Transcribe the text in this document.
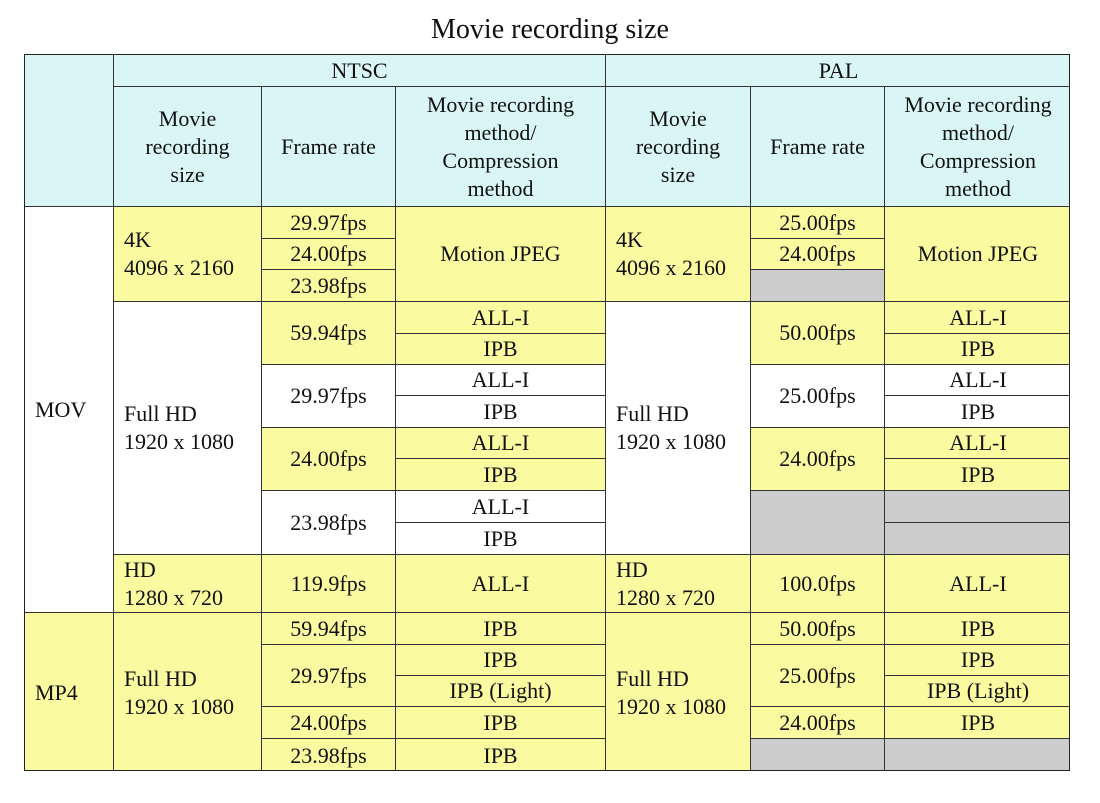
Movie recording size
NTSC	PAL
Movie
recording
size
Frame rate
Movie recording
method/
Compression
method
Movie
recording
size
Frame rate
Movie recording
method/
Compression
method
MOV
MP4
4K
4096 x 2160
Full HD
1920 x 1080
HD
1280 x 720
Full HD
1920 x 1080
29.97fps
24.00fps
23.98fps
59.94fps
29.97fps
24.00fps
23.98fps
119.9fps
59.94fps
29.97fps
24.00fps
23.98fps
Motion JPEG
ALL-I
IPB
ALL-I
IPB
ALL-I
IPB
ALL-I
IPB
ALL-I
IPB
IPB
IPB (Light)
IPB
IPB
4K
4096 x 2160
Full HD
1920 x 1080
HD
1280 x 720
Full HD
1920 x 1080
25.00fps
24.00fps
50.00fps
25.00fps
24.00fps
100.0fps
50.00fps
25.00fps
24.00fps
Motion JPEG
ALL-I
IPB
ALL-I
IPB
ALL-I
IPB
ALL-I
IPB
IPB
IPB (Light)
IPB
